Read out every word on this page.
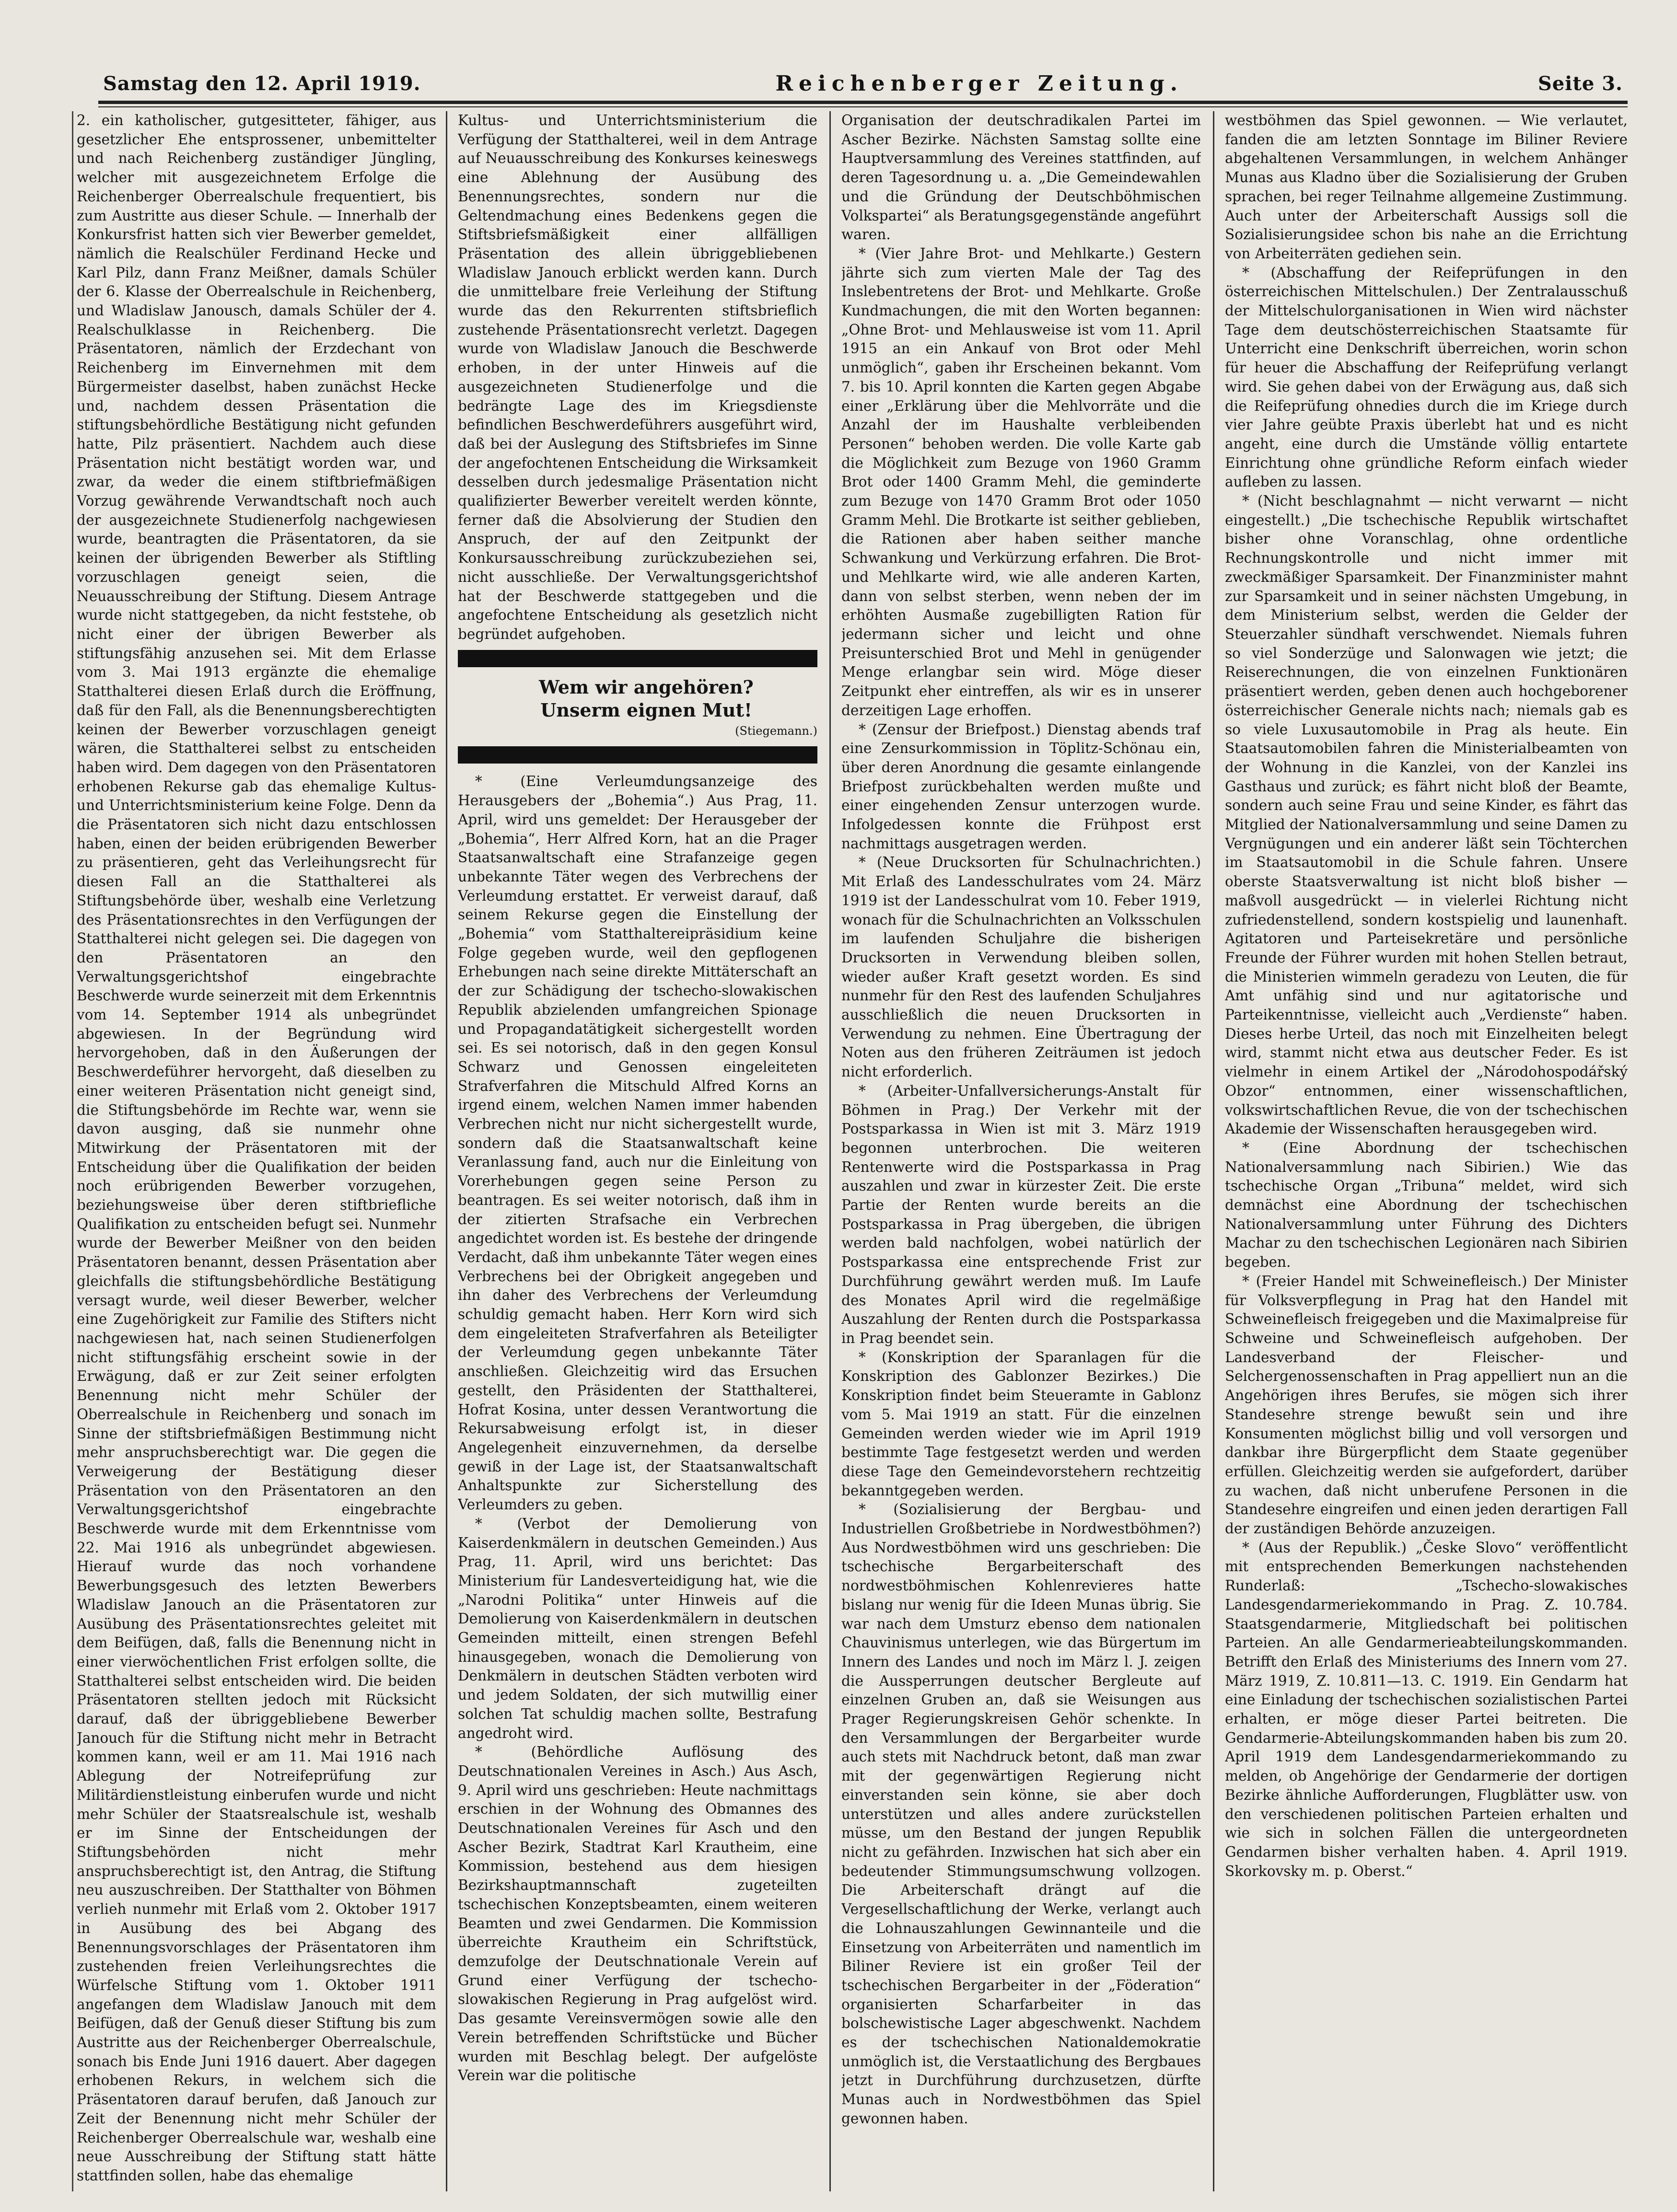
Samstag den 12. April 1919.	Reichenberger Zeitung.	Seite 3.

2. ein katholischer, gutgesitteter, fähiger, aus gesetzlicher Ehe entsprossener, unbemittelter und nach Reichenberg zuständiger Jüngling, welcher mit ausgezeichnetem Erfolge die Reichenberger Oberrealschule frequentiert, bis zum Austritte aus dieser Schule. — Innerhalb der Konkursfrist hatten sich vier Bewerber gemeldet, nämlich die Realschüler Ferdinand Hecke und Karl Pilz, dann Franz Meißner, damals Schüler der 6. Klasse der Oberrealschule in Reichenberg, und Wladislaw Janousch, damals Schüler der 4. Realschulklasse in Reichenberg. Die Präsentatoren, nämlich der Erzdechant von Reichenberg im Einvernehmen mit dem Bürgermeister daselbst, haben zunächst Hecke und, nachdem dessen Präsentation die stiftungsbehördliche Bestätigung nicht gefunden hatte, Pilz präsentiert. Nachdem auch diese Präsentation nicht bestätigt worden war, und zwar, da weder die einem stiftbriefmäßigen Vorzug gewährende Verwandtschaft noch auch der ausgezeichnete Studienerfolg nachgewiesen wurde, beantragten die Präsentatoren, da sie keinen der übrigenden Bewerber als Stiftling vorzuschlagen geneigt seien, die Neuausschreibung der Stiftung. Diesem Antrage wurde nicht stattgegeben, da nicht feststehe, ob nicht einer der übrigen Bewerber als stiftungsfähig anzusehen sei. Mit dem Erlasse vom 3. Mai 1913 ergänzte die ehemalige Statthalterei diesen Erlaß durch die Eröffnung, daß für den Fall, als die Benennungsberechtigten keinen der Bewerber vorzuschlagen geneigt wären, die Statthalterei selbst zu entscheiden haben wird. Dem dagegen von den Präsentatoren erhobenen Rekurse gab das ehemalige Kultus- und Unterrichtsministerium keine Folge. Denn da die Präsentatoren sich nicht dazu entschlossen haben, einen der beiden erübrigenden Bewerber zu präsentieren, geht das Verleihungsrecht für diesen Fall an die Statthalterei als Stiftungsbehörde über, weshalb eine Verletzung des Präsentationsrechtes in den Verfügungen der Statthalterei nicht gelegen sei. Die dagegen von den Präsentatoren an den Verwaltungsgerichtshof eingebrachte Beschwerde wurde seinerzeit mit dem Erkenntnis vom 14. September 1914 als unbegründet abgewiesen. In der Begründung wird hervorgehoben, daß in den Äußerungen der Beschwerdeführer hervorgeht, daß dieselben zu einer weiteren Präsentation nicht geneigt sind, die Stiftungsbehörde im Rechte war, wenn sie davon ausging, daß sie nunmehr ohne Mitwirkung der Präsentatoren mit der Entscheidung über die Qualifikation der beiden noch erübrigenden Bewerber vorzugehen, beziehungsweise über deren stiftbriefliche Qualifikation zu entscheiden befugt sei. Nunmehr wurde der Bewerber Meißner von den beiden Präsentatoren benannt, dessen Präsentation aber gleichfalls die stiftungsbehördliche Bestätigung versagt wurde, weil dieser Bewerber, welcher eine Zugehörigkeit zur Familie des Stifters nicht nachgewiesen hat, nach seinen Studienerfolgen nicht stiftungsfähig erscheint sowie in der Erwägung, daß er zur Zeit seiner erfolgten Benennung nicht mehr Schüler der Oberrealschule in Reichenberg und sonach im Sinne der stiftsbriefmäßigen Bestimmung nicht mehr anspruchsberechtigt war. Die gegen die Verweigerung der Bestätigung dieser Präsentation von den Präsentatoren an den Verwaltungsgerichtshof eingebrachte Beschwerde wurde mit dem Erkenntnisse vom 22. Mai 1916 als unbegründet abgewiesen. Hierauf wurde das noch vorhandene Bewerbungsgesuch des letzten Bewerbers Wladislaw Janouch an die Präsentatoren zur Ausübung des Präsentationsrechtes geleitet mit dem Beifügen, daß, falls die Benennung nicht in einer vierwöchentlichen Frist erfolgen sollte, die Statthalterei selbst entscheiden wird. Die beiden Präsentatoren stellten jedoch mit Rücksicht darauf, daß der übriggebliebene Bewerber Janouch für die Stiftung nicht mehr in Betracht kommen kann, weil er am 11. Mai 1916 nach Ablegung der Notreifeprüfung zur Militärdienstleistung einberufen wurde und nicht mehr Schüler der Staatsrealschule ist, weshalb er im Sinne der Entscheidungen der Stiftungsbehörden nicht mehr anspruchsberechtigt ist, den Antrag, die Stiftung neu auszuschreiben. Der Statthalter von Böhmen verlieh nunmehr mit Erlaß vom 2. Oktober 1917 in Ausübung des bei Abgang des Benennungsvorschlages der Präsentatoren ihm zustehenden freien Verleihungsrechtes die Würfelsche Stiftung vom 1. Oktober 1911 angefangen dem Wladislaw Janouch mit dem Beifügen, daß der Genuß dieser Stiftung bis zum Austritte aus der Reichenberger Oberrealschule, sonach bis Ende Juni 1916 dauert. Aber dagegen erhobenen Rekurs, in welchem sich die Präsentatoren darauf berufen, daß Janouch zur Zeit der Benennung nicht mehr Schüler der Reichenberger Oberrealschule war, weshalb eine neue Ausschreibung der Stiftung statt hätte stattfinden sollen, habe das ehemalige

Kultus- und Unterrichtsministerium die Verfügung der Statthalterei, weil in dem Antrage auf Neuausschreibung des Konkurses keineswegs eine Ablehnung der Ausübung des Benennungsrechtes, sondern nur die Geltendmachung eines Bedenkens gegen die Stiftsbriefsmäßigkeit einer allfälligen Präsentation des allein übriggebliebenen Wladislaw Janouch erblickt werden kann. Durch die unmittelbare freie Verleihung der Stiftung wurde das den Rekurrenten stiftsbrieflich zustehende Präsentationsrecht verletzt. Dagegen wurde von Wladislaw Janouch die Beschwerde erhoben, in der unter Hinweis auf die ausgezeichneten Studienerfolge und die bedrängte Lage des im Kriegsdienste befindlichen Beschwerdeführers ausgeführt wird, daß bei der Auslegung des Stiftsbriefes im Sinne der angefochtenen Entscheidung die Wirksamkeit desselben durch jedesmalige Präsentation nicht qualifizierter Bewerber vereitelt werden könnte, ferner daß die Absolvierung der Studien den Anspruch, der auf den Zeitpunkt der Konkursausschreibung zurückzubeziehen sei, nicht ausschließe. Der Verwaltungsgerichtshof hat der Beschwerde stattgegeben und die angefochtene Entscheidung als gesetzlich nicht begründet aufgehoben.

Wem wir angehören?

Unserm eignen Mut!

(Stiegemann.)

* (Eine Verleumdungsanzeige des Herausgebers der „Bohemia“.) Aus Prag, 11. April, wird uns gemeldet: Der Herausgeber der „Bohemia“, Herr Alfred Korn, hat an die Prager Staatsanwaltschaft eine Strafanzeige gegen unbekannte Täter wegen des Verbrechens der Verleumdung erstattet. Er verweist darauf, daß seinem Rekurse gegen die Einstellung der „Bohemia“ vom Statthaltereipräsidium keine Folge gegeben wurde, weil den gepflogenen Erhebungen nach seine direkte Mittäterschaft an der zur Schädigung der tschecho-slowakischen Republik abzielenden umfangreichen Spionage und Propagandatätigkeit sichergestellt worden sei. Es sei notorisch, daß in den gegen Konsul Schwarz und Genossen eingeleiteten Strafverfahren die Mitschuld Alfred Korns an irgend einem, welchen Namen immer habenden Verbrechen nicht nur nicht sichergestellt wurde, sondern daß die Staatsanwaltschaft keine Veranlassung fand, auch nur die Einleitung von Vorerhebungen gegen seine Person zu beantragen. Es sei weiter notorisch, daß ihm in der zitierten Strafsache ein Verbrechen angedichtet worden ist. Es bestehe der dringende Verdacht, daß ihm unbekannte Täter wegen eines Verbrechens bei der Obrigkeit angegeben und ihn daher des Verbrechens der Verleumdung schuldig gemacht haben. Herr Korn wird sich dem eingeleiteten Strafverfahren als Beteiligter der Verleumdung gegen unbekannte Täter anschließen. Gleichzeitig wird das Ersuchen gestellt, den Präsidenten der Statthalterei, Hofrat Kosina, unter dessen Verantwortung die Rekursabweisung erfolgt ist, in dieser Angelegenheit einzuvernehmen, da derselbe gewiß in der Lage ist, der Staatsanwaltschaft Anhaltspunkte zur Sicherstellung des Verleumders zu geben.

* (Verbot der Demolierung von Kaiserdenkmälern in deutschen Gemeinden.) Aus Prag, 11. April, wird uns berichtet: Das Ministerium für Landesverteidigung hat, wie die „Narodni Politika“ unter Hinweis auf die Demolierung von Kaiserdenkmälern in deutschen Gemeinden mitteilt, einen strengen Befehl hinausgegeben, wonach die Demolierung von Denkmälern in deutschen Städten verboten wird und jedem Soldaten, der sich mutwillig einer solchen Tat schuldig machen sollte, Bestrafung angedroht wird.

* (Behördliche Auflösung des Deutschnationalen Vereines in Asch.) Aus Asch, 9. April wird uns geschrieben: Heute nachmittags erschien in der Wohnung des Obmannes des Deutschnationalen Vereines für Asch und den Ascher Bezirk, Stadtrat Karl Krautheim, eine Kommission, bestehend aus dem hiesigen Bezirkshauptmannschaft zugeteilten tschechischen Konzeptsbeamten, einem weiteren Beamten und zwei Gendarmen. Die Kommission überreichte Krautheim ein Schriftstück, demzufolge der Deutschnationale Verein auf Grund einer Verfügung der tschecho-slowakischen Regierung in Prag aufgelöst wird. Das gesamte Vereinsvermögen sowie alle den Verein betreffenden Schriftstücke und Bücher wurden mit Beschlag belegt. Der aufgelöste Verein war die politische

Organisation der deutschradikalen Partei im Ascher Bezirke. Nächsten Samstag sollte eine Hauptversammlung des Vereines stattfinden, auf deren Tagesordnung u. a. „Die Gemeindewahlen und die Gründung der Deutschböhmischen Volkspartei“ als Beratungsgegenstände angeführt waren.

* (Vier Jahre Brot- und Mehlkarte.) Gestern jährte sich zum vierten Male der Tag des Inslebentretens der Brot- und Mehlkarte. Große Kundmachungen, die mit den Worten begannen: „Ohne Brot- und Mehlausweise ist vom 11. April 1915 an ein Ankauf von Brot oder Mehl unmöglich“, gaben ihr Erscheinen bekannt. Vom 7. bis 10. April konnten die Karten gegen Abgabe einer „Erklärung über die Mehlvorräte und die Anzahl der im Haushalte verbleibenden Personen“ behoben werden. Die volle Karte gab die Möglichkeit zum Bezuge von 1960 Gramm Brot oder 1400 Gramm Mehl, die geminderte zum Bezuge von 1470 Gramm Brot oder 1050 Gramm Mehl. Die Brotkarte ist seither geblieben, die Rationen aber haben seither manche Schwankung und Verkürzung erfahren. Die Brot- und Mehlkarte wird, wie alle anderen Karten, dann von selbst sterben, wenn neben der im erhöhten Ausmaße zugebilligten Ration für jedermann sicher und leicht und ohne Preisunterschied Brot und Mehl in genügender Menge erlangbar sein wird. Möge dieser Zeitpunkt eher eintreffen, als wir es in unserer derzeitigen Lage erhoffen.

* (Zensur der Briefpost.) Dienstag abends traf eine Zensurkommission in Töplitz-Schönau ein, über deren Anordnung die gesamte einlangende Briefpost zurückbehalten werden mußte und einer eingehenden Zensur unterzogen wurde. Infolgedessen konnte die Frühpost erst nachmittags ausgetragen werden.

* (Neue Drucksorten für Schulnachrichten.) Mit Erlaß des Landesschulrates vom 24. März 1919 ist der Landesschulrat vom 10. Feber 1919, wonach für die Schulnachrichten an Volksschulen im laufenden Schuljahre die bisherigen Drucksorten in Verwendung bleiben sollen, wieder außer Kraft gesetzt worden. Es sind nunmehr für den Rest des laufenden Schuljahres ausschließlich die neuen Drucksorten in Verwendung zu nehmen. Eine Übertragung der Noten aus den früheren Zeiträumen ist jedoch nicht erforderlich.

* (Arbeiter-Unfallversicherungs-Anstalt für Böhmen in Prag.) Der Verkehr mit der Postsparkassa in Wien ist mit 3. März 1919 begonnen unterbrochen. Die weiteren Rentenwerte wird die Postsparkassa in Prag auszahlen und zwar in kürzester Zeit. Die erste Partie der Renten wurde bereits an die Postsparkassa in Prag übergeben, die übrigen werden bald nachfolgen, wobei natürlich der Postsparkassa eine entsprechende Frist zur Durchführung gewährt werden muß. Im Laufe des Monates April wird die regelmäßige Auszahlung der Renten durch die Postsparkassa in Prag beendet sein.

* (Konskription der Sparanlagen für die Konskription des Gablonzer Bezirkes.) Die Konskription findet beim Steueramte in Gablonz vom 5. Mai 1919 an statt. Für die einzelnen Gemeinden werden wieder wie im April 1919 bestimmte Tage festgesetzt werden und werden diese Tage den Gemeindevorstehern rechtzeitig bekanntgegeben werden.

* (Sozialisierung der Bergbau- und Industriellen Großbetriebe in Nordwestböhmen?) Aus Nordwestböhmen wird uns geschrieben: Die tschechische Bergarbeiterschaft des nordwestböhmischen Kohlenrevieres hatte bislang nur wenig für die Ideen Munas übrig. Sie war nach dem Umsturz ebenso dem nationalen Chauvinismus unterlegen, wie das Bürgertum im Innern des Landes und noch im März l. J. zeigen die Aussperrungen deutscher Bergleute auf einzelnen Gruben an, daß sie Weisungen aus Prager Regierungskreisen Gehör schenkte. In den Versammlungen der Bergarbeiter wurde auch stets mit Nachdruck betont, daß man zwar mit der gegenwärtigen Regierung nicht einverstanden sein könne, sie aber doch unterstützen und alles andere zurückstellen müsse, um den Bestand der jungen Republik nicht zu gefährden. Inzwischen hat sich aber ein bedeutender Stimmungsumschwung vollzogen. Die Arbeiterschaft drängt auf die Vergesellschaftlichung der Werke, verlangt auch die Lohnauszahlungen Gewinnanteile und die Einsetzung von Arbeiterräten und namentlich im Biliner Reviere ist ein großer Teil der tschechischen Bergarbeiter in der „Föderation“ organisierten Scharfarbeiter in das bolschewistische Lager abgeschwenkt. Nachdem es der tschechischen Nationaldemokratie unmöglich ist, die Verstaatlichung des Bergbaues jetzt in Durchführung durchzusetzen, dürfte Munas auch in Nordwestböhmen das Spiel gewonnen haben.

westböhmen das Spiel gewonnen. — Wie verlautet, fanden die am letzten Sonntage im Biliner Reviere abgehaltenen Versammlungen, in welchem Anhänger Munas aus Kladno über die Sozialisierung der Gruben sprachen, bei reger Teilnahme allgemeine Zustimmung. Auch unter der Arbeiterschaft Aussigs soll die Sozialisierungsidee schon bis nahe an die Errichtung von Arbeiterräten gediehen sein.

* (Abschaffung der Reifeprüfungen in den österreichischen Mittelschulen.) Der Zentralausschuß der Mittelschulorganisationen in Wien wird nächster Tage dem deutschösterreichischen Staatsamte für Unterricht eine Denkschrift überreichen, worin schon für heuer die Abschaffung der Reifeprüfung verlangt wird. Sie gehen dabei von der Erwägung aus, daß sich die Reifeprüfung ohnedies durch die im Kriege durch vier Jahre geübte Praxis überlebt hat und es nicht angeht, eine durch die Umstände völlig entartete Einrichtung ohne gründliche Reform einfach wieder aufleben zu lassen.

* (Nicht beschlagnahmt — nicht verwarnt — nicht eingestellt.) „Die tschechische Republik wirtschaftet bisher ohne Voranschlag, ohne ordentliche Rechnungskontrolle und nicht immer mit zweckmäßiger Sparsamkeit. Der Finanzminister mahnt zur Sparsamkeit und in seiner nächsten Umgebung, in dem Ministerium selbst, werden die Gelder der Steuerzahler sündhaft verschwendet. Niemals fuhren so viel Sonderzüge und Salonwagen wie jetzt; die Reiserechnungen, die von einzelnen Funktionären präsentiert werden, geben denen auch hochgeborener österreichischer Generale nichts nach; niemals gab es so viele Luxusautomobile in Prag als heute. Ein Staatsautomobilen fahren die Ministerialbeamten von der Wohnung in die Kanzlei, von der Kanzlei ins Gasthaus und zurück; es fährt nicht bloß der Beamte, sondern auch seine Frau und seine Kinder, es fährt das Mitglied der Nationalversammlung und seine Damen zu Vergnügungen und ein anderer läßt sein Töchterchen im Staatsautomobil in die Schule fahren. Unsere oberste Staatsverwaltung ist nicht bloß bisher — maßvoll ausgedrückt — in vielerlei Richtung nicht zufriedenstellend, sondern kostspielig und launenhaft. Agitatoren und Parteisekretäre und persönliche Freunde der Führer wurden mit hohen Stellen betraut, die Ministerien wimmeln geradezu von Leuten, die für Amt unfähig sind und nur agitatorische und Parteikenntnisse, vielleicht auch „Verdienste“ haben. Dieses herbe Urteil, das noch mit Einzelheiten belegt wird, stammt nicht etwa aus deutscher Feder. Es ist vielmehr in einem Artikel der „Národohospodářský Obzor“ entnommen, einer wissenschaftlichen, volkswirtschaftlichen Revue, die von der tschechischen Akademie der Wissenschaften herausgegeben wird.

* (Eine Abordnung der tschechischen Nationalversammlung nach Sibirien.) Wie das tschechische Organ „Tribuna“ meldet, wird sich demnächst eine Abordnung der tschechischen Nationalversammlung unter Führung des Dichters Machar zu den tschechischen Legionären nach Sibirien begeben.

* (Freier Handel mit Schweinefleisch.) Der Minister für Volksverpflegung in Prag hat den Handel mit Schweinefleisch freigegeben und die Maximalpreise für Schweine und Schweinefleisch aufgehoben. Der Landesverband der Fleischer- und Selchergenossenschaften in Prag appelliert nun an die Angehörigen ihres Berufes, sie mögen sich ihrer Standesehre strenge bewußt sein und ihre Konsumenten möglichst billig und voll versorgen und dankbar ihre Bürgerpflicht dem Staate gegenüber erfüllen. Gleichzeitig werden sie aufgefordert, darüber zu wachen, daß nicht unberufene Personen in die Standesehre eingreifen und einen jeden derartigen Fall der zuständigen Behörde anzuzeigen.

* (Aus der Republik.) „Česke Slovo“ veröffentlicht mit entsprechenden Bemerkungen nachstehenden Runderlaß: „Tschecho-slowakisches Landesgendarmeriekommando in Prag. Z. 10.784. Staatsgendarmerie, Mitgliedschaft bei politischen Parteien. An alle Gendarmerieabteilungskommanden. Betrifft den Erlaß des Ministeriums des Innern vom 27. März 1919, Z. 10.811—13. C. 1919. Ein Gendarm hat eine Einladung der tschechischen sozialistischen Partei erhalten, er möge dieser Partei beitreten. Die Gendarmerie-Abteilungskommanden haben bis zum 20. April 1919 dem Landesgendarmeriekommando zu melden, ob Angehörige der Gendarmerie der dortigen Bezirke ähnliche Aufforderungen, Flugblätter usw. von den verschiedenen politischen Parteien erhalten und wie sich in solchen Fällen die untergeordneten Gendarmen bisher verhalten haben. 4. April 1919. Skorkovsky m. p. Oberst.“
